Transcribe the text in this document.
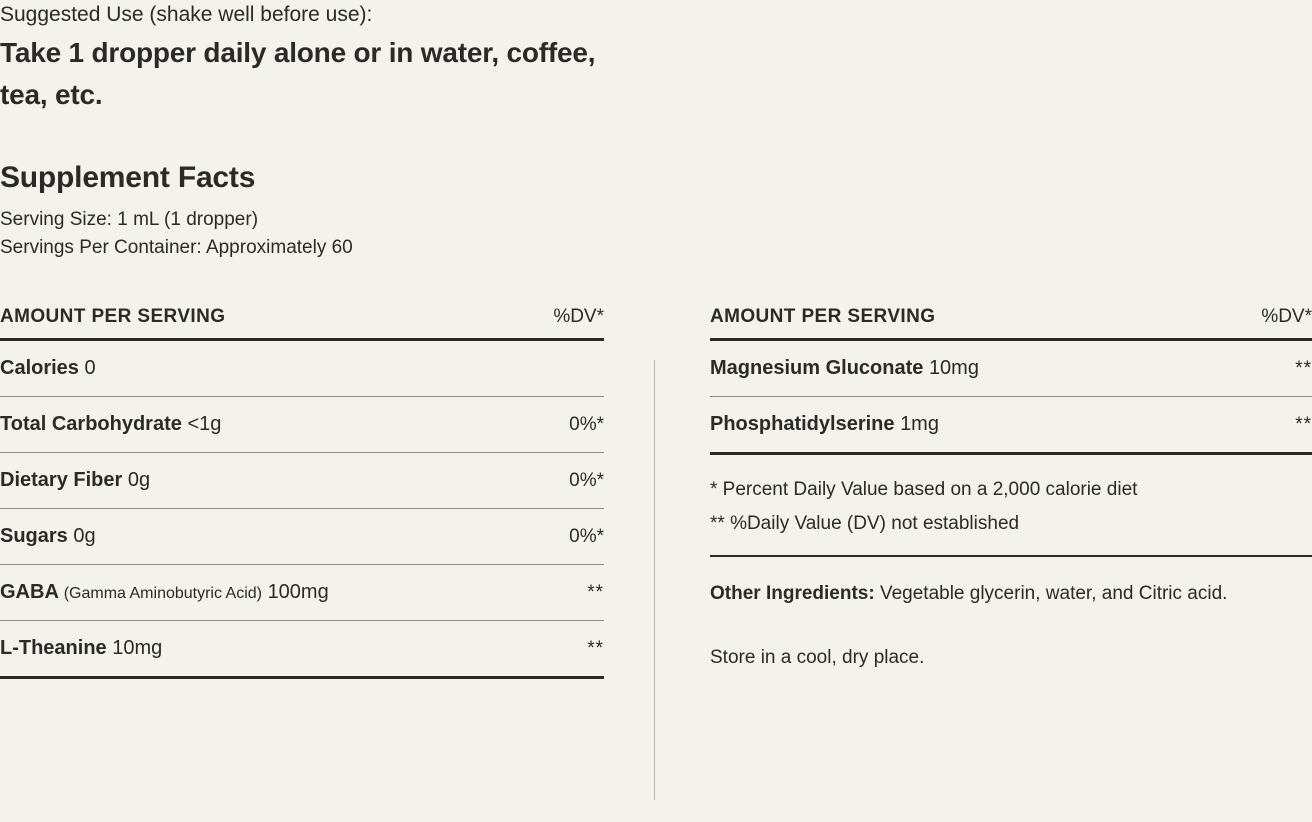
Suggested Use (shake well before use):

Take 1 dropper daily alone or in water, coffee, tea, etc.

Supplement Facts

Serving Size: 1 mL (1 dropper)

Servings Per Container: Approximately 60

AMOUNT PER SERVING	%DV*
Calories 0
Total Carbohydrate <1g	0%*
Dietary Fiber 0g	0%*
Sugars 0g	0%*
GABA (Gamma Aminobutyric Acid) 100mg	**
L-Theanine 10mg	**
AMOUNT PER SERVING	%DV*
Magnesium Gluconate 10mg	**
Phosphatidylserine 1mg	**
* Percent Daily Value based on a 2,000 calorie diet
** %Daily Value (DV) not established
Other Ingredients: Vegetable glycerin, water, and Citric acid.
Store in a cool, dry place.
